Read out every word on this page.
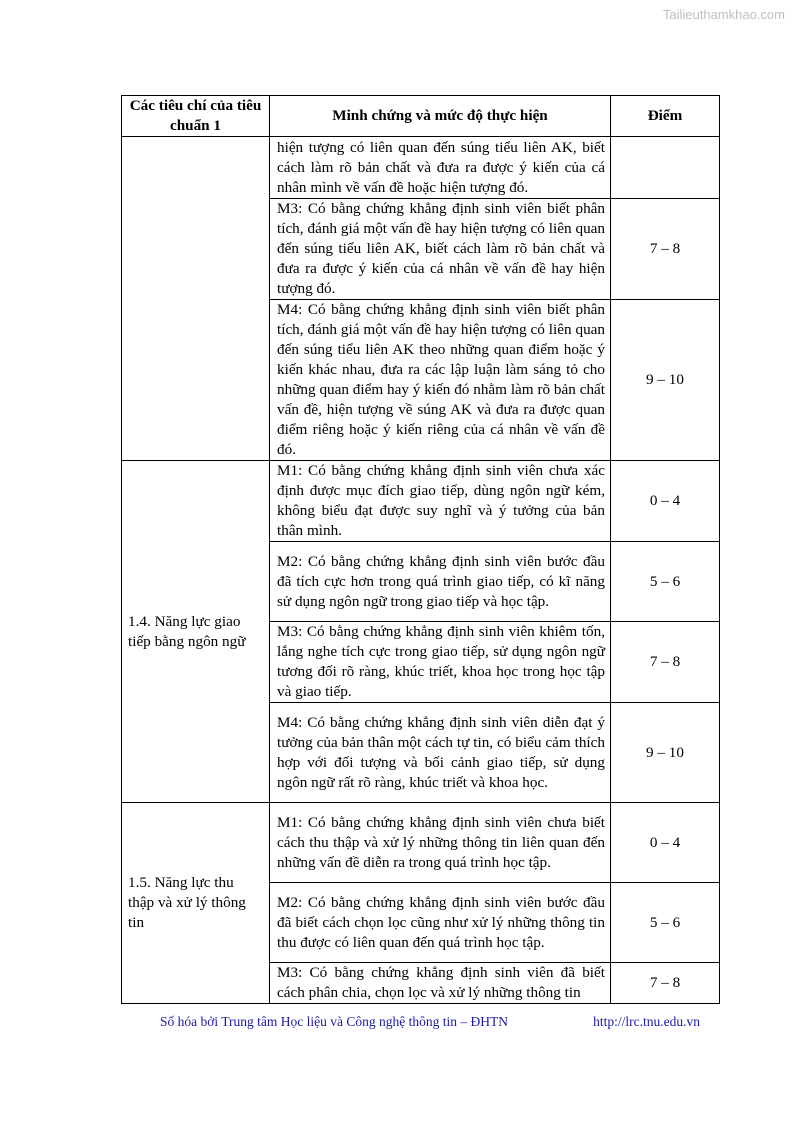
Tailieuthamkhao.com
Các tiêu chí của tiêu chuẩn 1	Minh chứng và mức độ thực hiện	Điểm
	hiện tượng có liên quan đến súng tiểu liên AK, biết cách làm rõ bản chất và đưa ra được ý kiến của cá nhân mình về vấn đề hoặc hiện tượng đó.	
	M3: Có bằng chứng khẳng định sinh viên biết phân tích, đánh giá một vấn đề hay hiện tượng có liên quan đến súng tiểu liên AK, biết cách làm rõ bản chất và đưa ra được ý kiến của cá nhân về vấn đề hay hiện tượng đó.	7 – 8
	M4: Có bằng chứng khẳng định sinh viên biết phân tích, đánh giá một vấn đề hay hiện tượng có liên quan đến súng tiểu liên AK theo những quan điểm hoặc ý kiến khác nhau, đưa ra các lập luận làm sáng tỏ cho những quan điểm hay ý kiến đó nhằm làm rõ bản chất vấn đề, hiện tượng về súng AK và đưa ra được quan điểm riêng hoặc ý kiến riêng của cá nhân về vấn đề đó.	9 – 10
1.4. Năng lực giao tiếp bằng ngôn ngữ	M1: Có bằng chứng khẳng định sinh viên chưa xác định được mục đích giao tiếp, dùng ngôn ngữ kém, không biểu đạt được suy nghĩ và ý tưởng của bản thân mình.	0 – 4
	M2: Có bằng chứng khẳng định sinh viên bước đầu đã tích cực hơn trong quá trình giao tiếp, có kĩ năng sử dụng ngôn ngữ trong giao tiếp và học tập.	5 – 6
	M3: Có bằng chứng khẳng định sinh viên khiêm tốn, lắng nghe tích cực trong giao tiếp, sử dụng ngôn ngữ tương đối rõ ràng, khúc triết, khoa học trong học tập và giao tiếp.	7 – 8
	M4: Có bằng chứng khẳng định sinh viên diễn đạt ý tưởng của bản thân một cách tự tin, có biểu cảm thích hợp với đối tượng và bối cảnh giao tiếp, sử dụng ngôn ngữ rất rõ ràng, khúc triết và khoa học.	9 – 10
1.5. Năng lực thu thập và xử lý thông tin	M1: Có bằng chứng khẳng định sinh viên chưa biết cách thu thập và xử lý những thông tin liên quan đến những vấn đề diễn ra trong quá trình học tập.	0 – 4
	M2: Có bằng chứng khẳng định sinh viên bước đầu đã biết cách chọn lọc cũng như xử lý những thông tin thu được có liên quan đến quá trình học tập.	5 – 6
	M3: Có bằng chứng khẳng định sinh viên đã biết cách phân chia, chọn lọc và xử lý những thông tin	7 – 8
Số hóa bởi Trung tâm Học liệu và Công nghệ thông tin – ĐHTN	http://lrc.tnu.edu.vn
